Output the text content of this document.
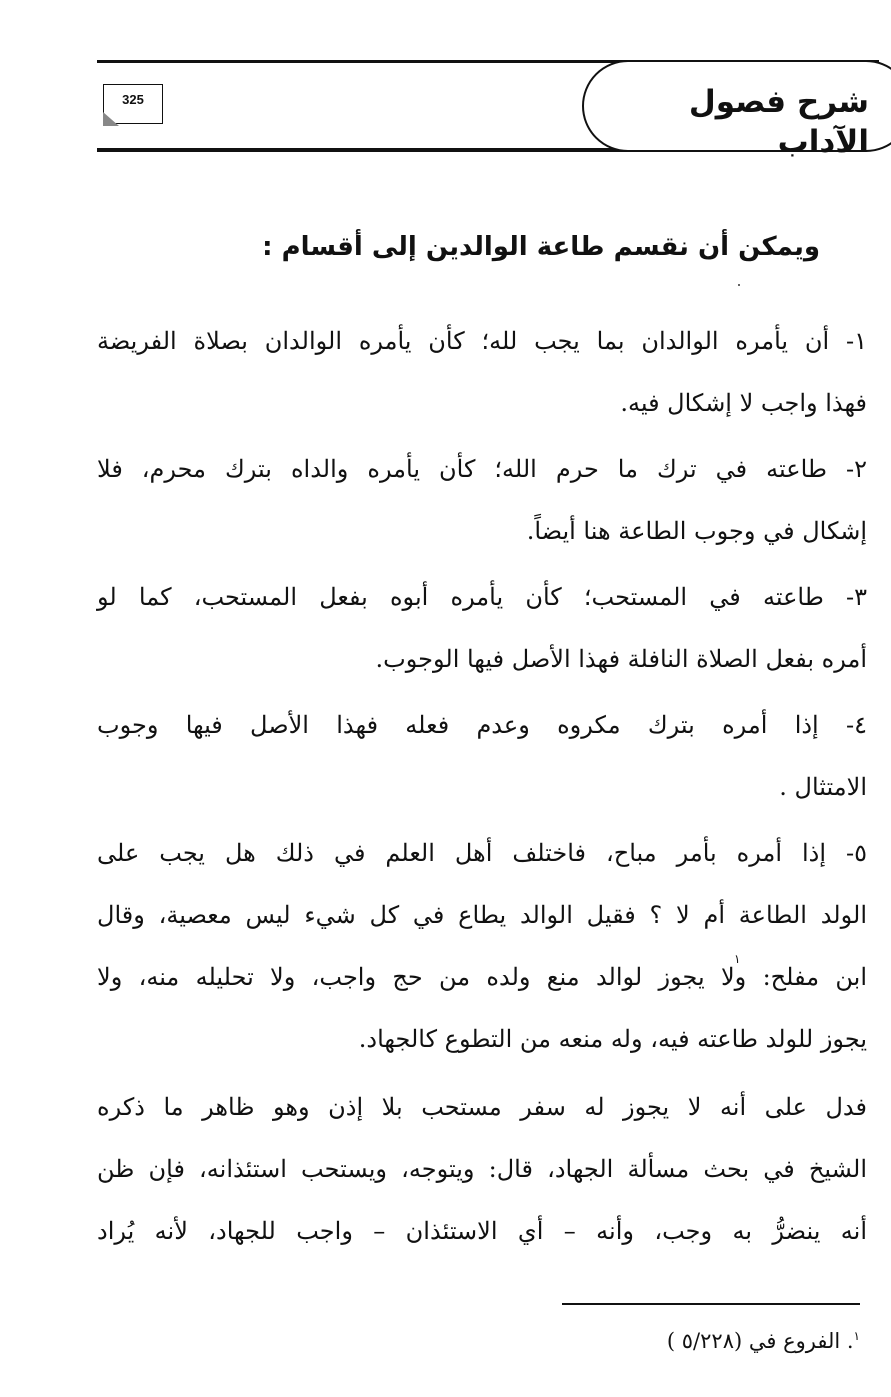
شرح فصول الآداب
325
ويمكن أن نقسم طاعة الوالدين إلى أقسام :
١- أن يأمره الوالدان بما يجب لله؛ كأن يأمره الوالدان بصلاة الفريضة
فهذا واجب لا إشكال فيه.
٢- طاعته في ترك ما حرم الله؛ كأن يأمره والداه بترك محرم، فلا
إشكال في وجوب الطاعة هنا أيضاً.
٣- طاعته في المستحب؛ كأن يأمره أبوه بفعل المستحب، كما لو
أمره بفعل الصلاة النافلة فهذا الأصل فيها الوجوب.
٤- إذا أمره بترك مكروه وعدم فعله فهذا الأصل فيها وجوب
الامتثال .
٥- إذا أمره بأمر مباح، فاختلف أهل العلم في ذلك هل يجب على
الولد الطاعة أم لا ؟ فقيل الوالد يطاع في كل شيء ليس معصية، وقال
ابن مفلح: ولا يجوز لوالد منع ولده من حج واجب، ولا تحليله منه، ولا
يجوز للولد طاعته فيه، وله منعه من التطوع كالجهاد.
١
فدل على أنه لا يجوز له سفر مستحب بلا إذن وهو ظاهر ما ذكره
الشيخ في بحث مسألة الجهاد، قال: ويتوجه، ويستحب استئذانه، فإن ظن
أنه ينضرُّ به وجب، وأنه – أي الاستئذان – واجب للجهاد، لأنه يُراد
$^١$. الفروع في (٥/٢٢٨ )
